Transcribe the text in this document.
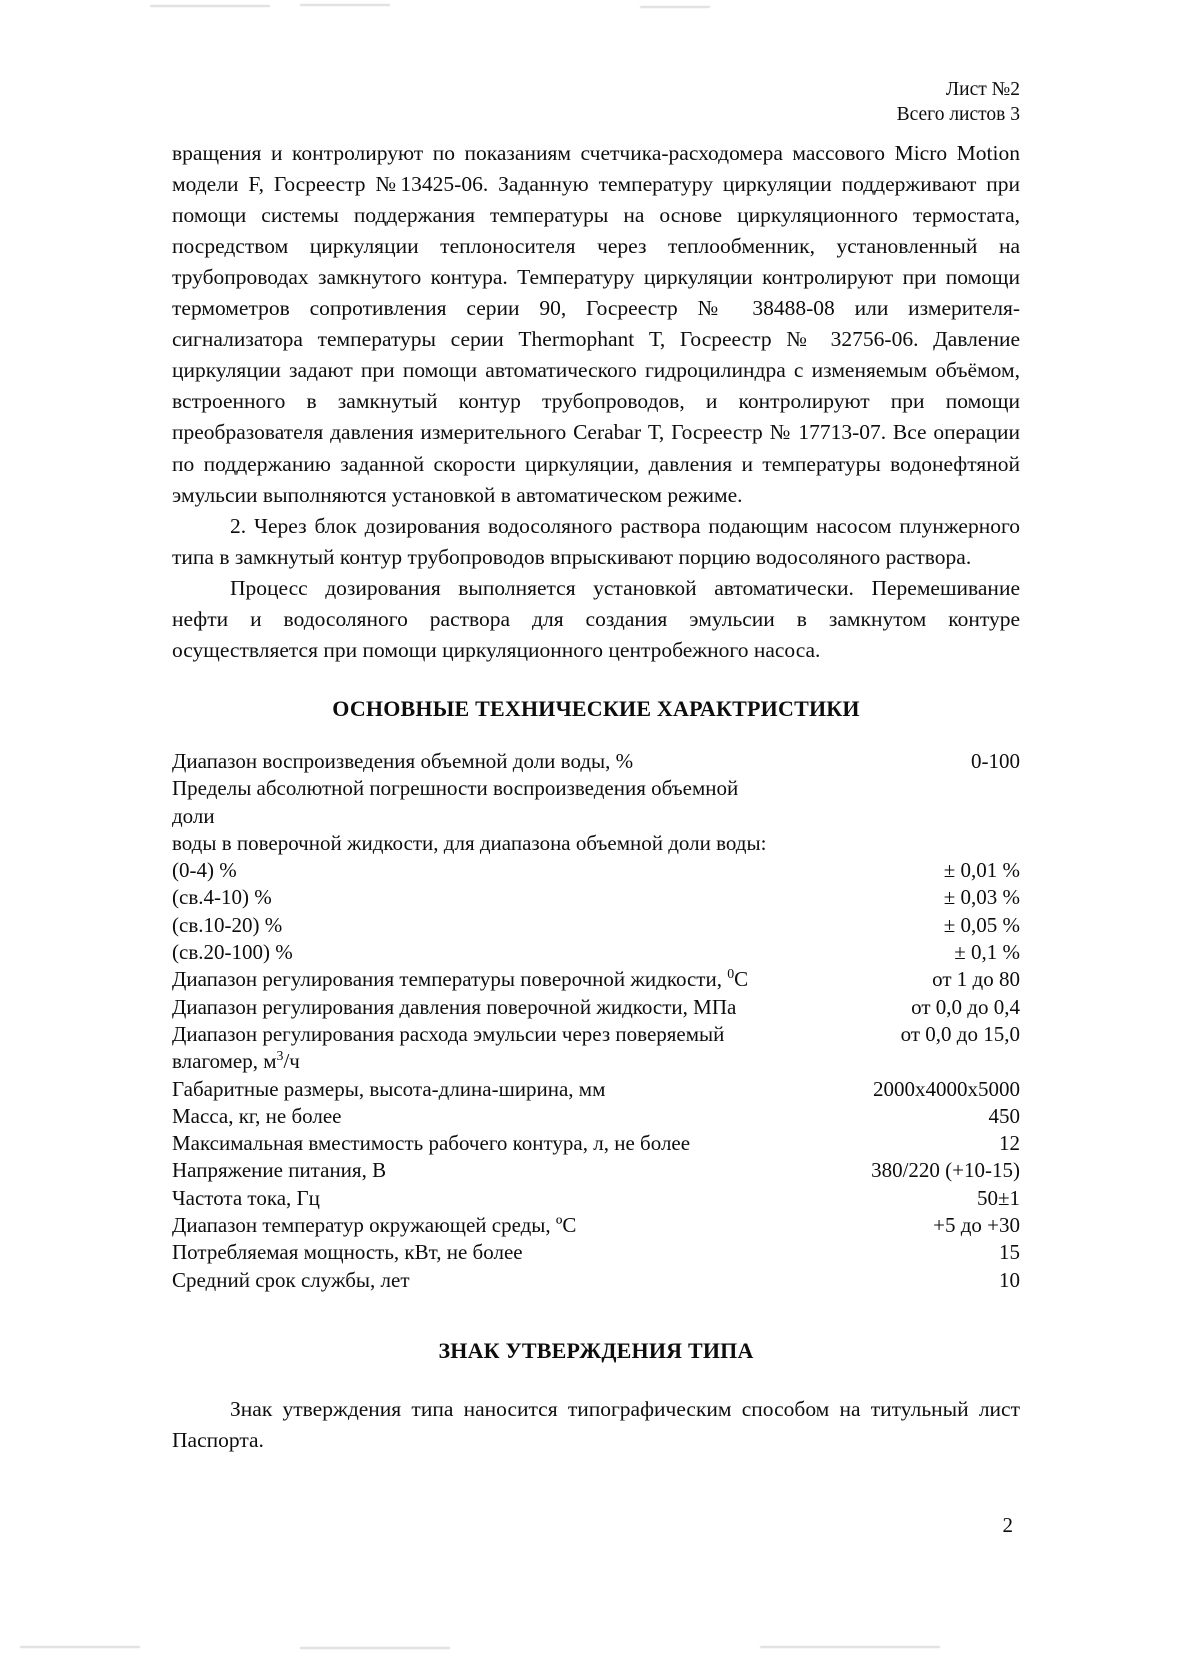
Лист №2
Всего листов 3

вращения и контролируют по показаниям счетчика-расходомера массового Micro Motion модели F, Госреестр №13425-06. Заданную температуру циркуляции поддерживают при помощи системы поддержания температуры на основе циркуляционного термостата, посредством циркуляции теплоносителя через теплообменник, установленный на трубопроводах замкнутого контура. Температуру циркуляции контролируют при помощи термометров сопротивления серии 90, Госреестр № 38488-08 или измерителя-сигнализатора температуры серии Thermophant Т, Госреестр № 32756-06. Давление циркуляции задают при помощи автоматического гидроцилиндра с изменяемым объёмом, встроенного в замкнутый контур трубопроводов, и контролируют при помощи преобразователя давления измерительного Cerabar Т, Госреестр № 17713-07. Все операции по поддержанию заданной скорости циркуляции, давления и температуры водонефтяной эмульсии выполняются установкой в автоматическом режиме.

2. Через блок дозирования водосоляного раствора подающим насосом плунжерного типа в замкнутый контур трубопроводов впрыскивают порцию водосоляного раствора.

Процесс дозирования выполняется установкой автоматически. Перемешивание нефти и водосоляного раствора для создания эмульсии в замкнутом контуре осуществляется при помощи циркуляционного центробежного насоса.

ОСНОВНЫЕ ТЕХНИЧЕСКИЕ ХАРАКТРИСТИКИ
Диапазон воспроизведения объемной доли воды, %	0-100
Пределы абсолютной погрешности воспроизведения объемной доли	
воды в поверочной жидкости, для диапазона объемной доли воды:	
(0-4) %	± 0,01 %
(св.4-10) %	± 0,03 %
(св.10-20) %	± 0,05 %
(св.20-100) %	± 0,1 %
Диапазон регулирования температуры поверочной жидкости, $^0$С	от 1 до 80
Диапазон регулирования давления поверочной жидкости, МПа	от 0,0 до 0,4
Диапазон регулирования расхода эмульсии через поверяемый	от 0,0 до 15,0
влагомер, $м^3/ч$	
Габаритные размеры, высота-длина-ширина, мм	2000х4000х5000
Масса, кг, не более	450
Максимальная вместимость рабочего контура, л, не более	12
Напряжение питания, В	380/220 (+10-15)
Частота тока, Гц	50±1
Диапазон температур окружающей среды, ºС	+5 до +30
Потребляемая мощность, кВт, не более	15
Средний срок службы, лет	10
ЗНАК УТВЕРЖДЕНИЯ ТИПА

Знак утверждения типа наносится типографическим способом на титульный лист Паспорта.

2
